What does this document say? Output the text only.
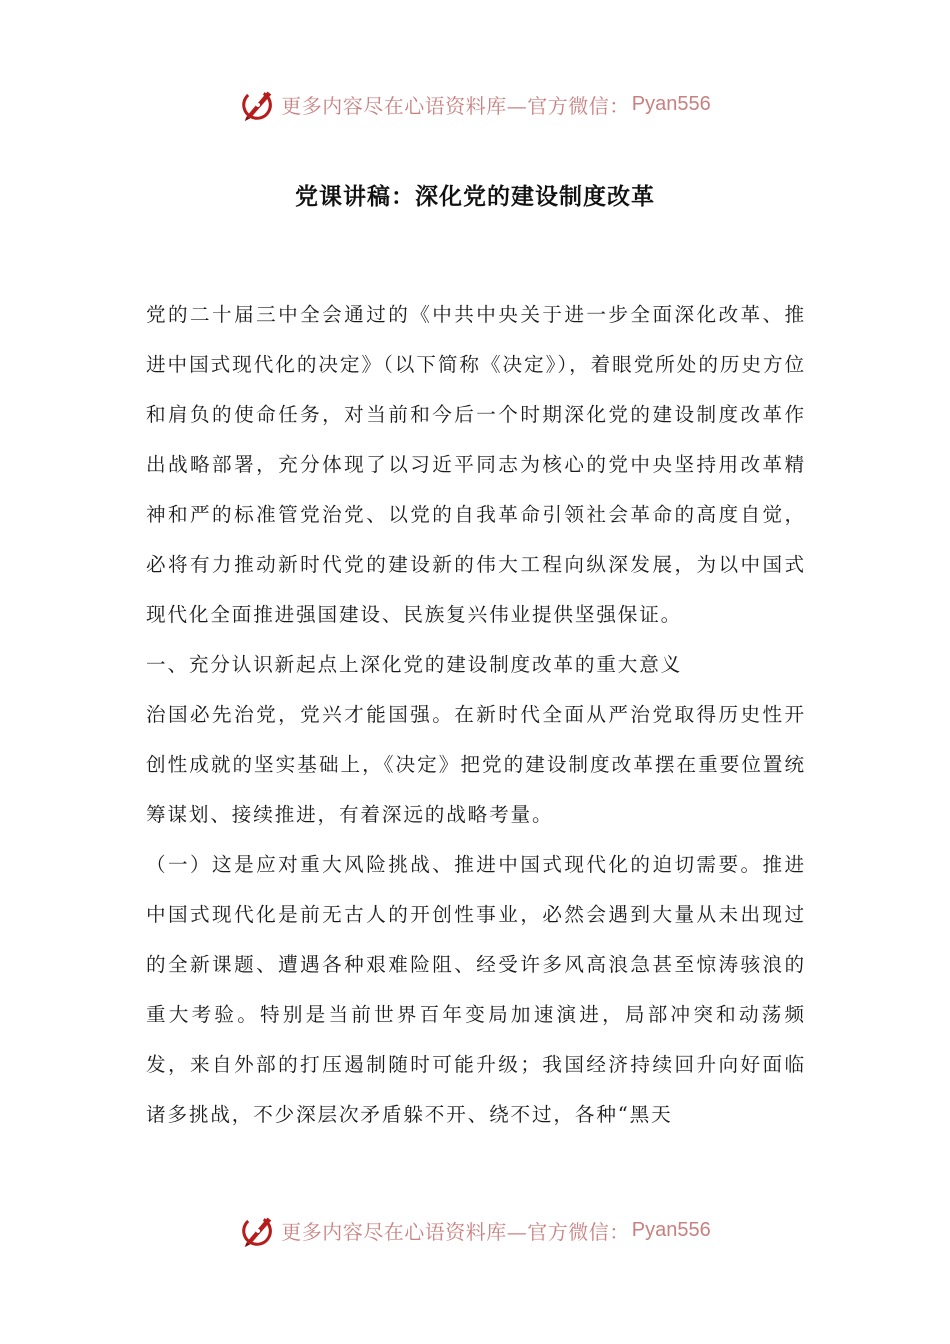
更多内容尽在心语资料库—官方微信： Pyan556
党课讲稿：深化党的建设制度改革

党的二十届三中全会通过的《中共中央关于进一步全面深化改革、推进中国式现代化的决定》（以下简称《决定》），着眼党所处的历史方位和肩负的使命任务，对当前和今后一个时期深化党的建设制度改革作出战略部署，充分体现了以习近平同志为核心的党中央坚持用改革精神和严的标准管党治党、以党的自我革命引领社会革命的高度自觉，必将有力推动新时代党的建设新的伟大工程向纵深发展，为以中国式现代化全面推进强国建设、民族复兴伟业提供坚强保证。

一、充分认识新起点上深化党的建设制度改革的重大意义

治国必先治党，党兴才能国强。在新时代全面从严治党取得历史性开创性成就的坚实基础上，《决定》把党的建设制度改革摆在重要位置统筹谋划、接续推进，有着深远的战略考量。

（一）这是应对重大风险挑战、推进中国式现代化的迫切需要。推进中国式现代化是前无古人的开创性事业，必然会遇到大量从未出现过的全新课题、遭遇各种艰难险阻、经受许多风高浪急甚至惊涛骇浪的重大考验。特别是当前世界百年变局加速演进，局部冲突和动荡频发，来自外部的打压遏制随时可能升级；我国经济持续回升向好面临诸多挑战，不少深层次矛盾躲不开、绕不过，各种“黑天

更多内容尽在心语资料库—官方微信： Pyan556
